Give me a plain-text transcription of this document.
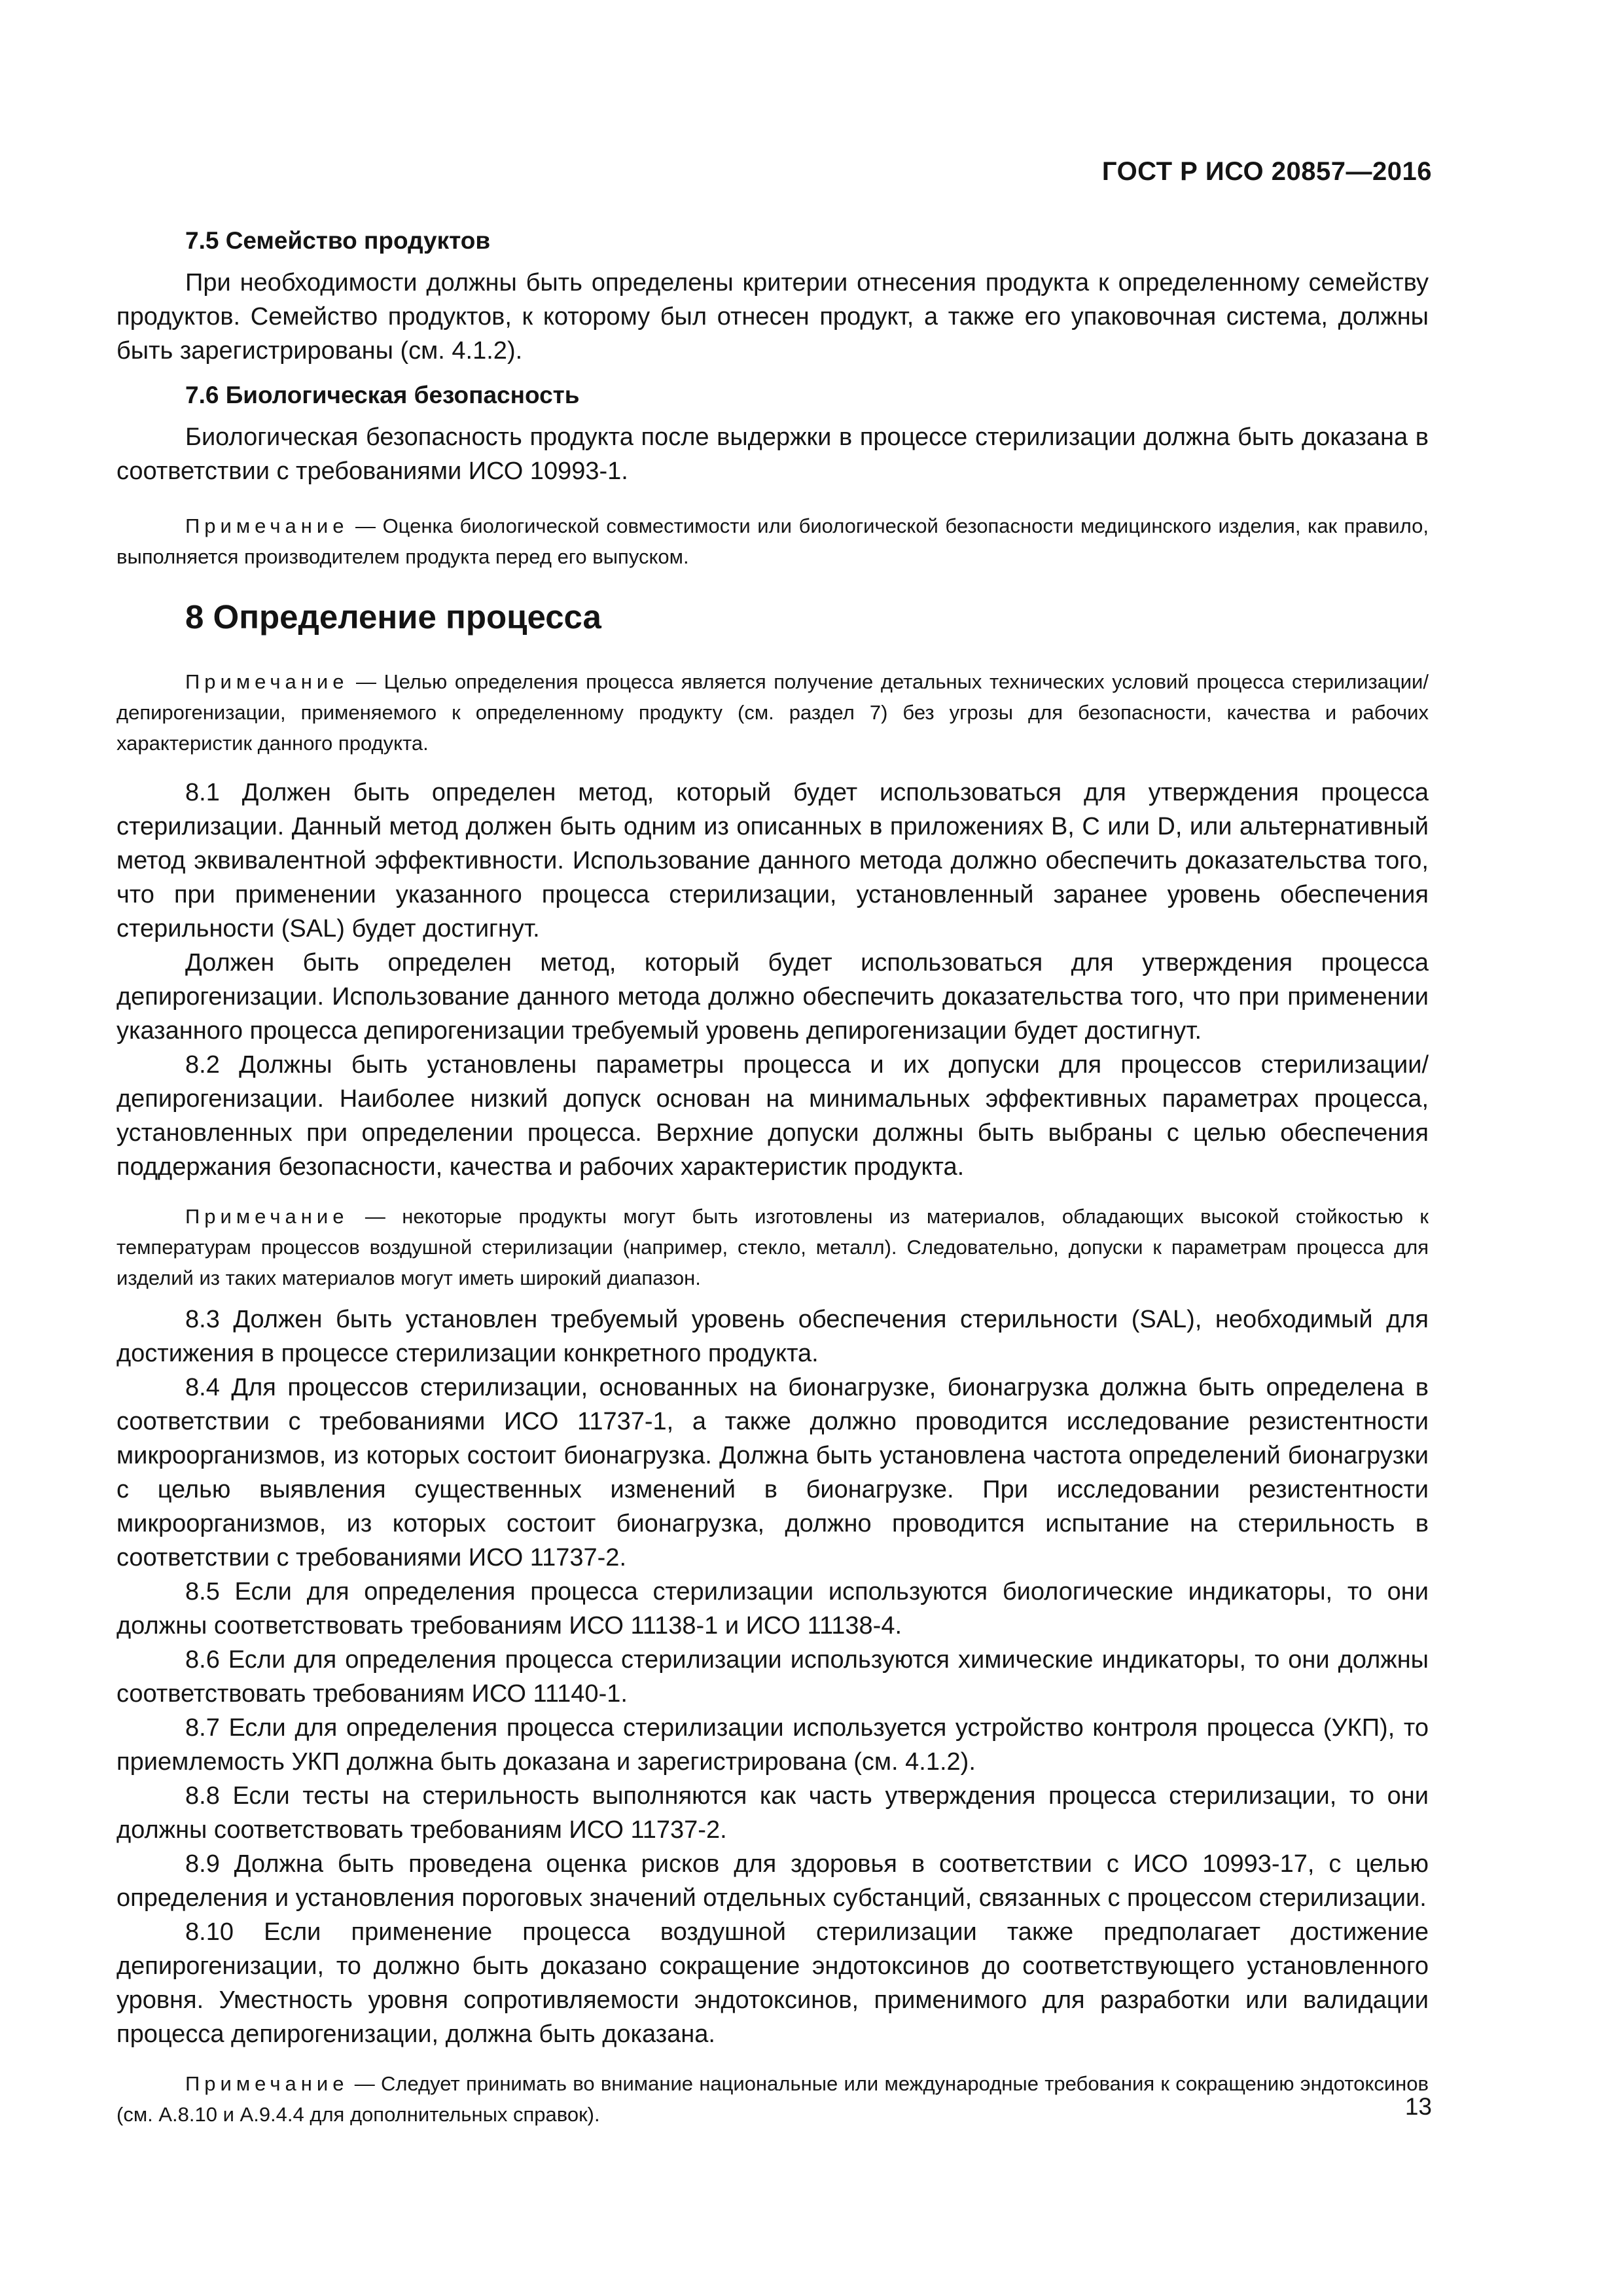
ГОСТ Р ИСО 20857—2016
7.5 Семейство продуктов

При необходимости должны быть определены критерии отнесения продукта к определенному семейству продуктов. Семейство продуктов, к которому был отнесен продукт, а также его упаковочная система, должны быть зарегистрированы (см. 4.1.2).

7.6 Биологическая безопасность

Биологическая безопасность продукта после выдержки в процессе стерилизации должна быть доказана в соответствии с требованиями ИСО 10993-1.

Примечание — Оценка биологической совместимости или биологической безопасности медицинского изделия, как правило, выполняется производителем продукта перед его выпуском.

8 Определение процесса

Примечание — Целью определения процесса является получение детальных технических условий процесса стерилизации/депирогенизации, применяемого к определенному продукту (см. раздел 7) без угрозы для безопасности, качества и рабочих характеристик данного продукта.

8.1 Должен быть определен метод, который будет использоваться для утверждения процесса стерилизации. Данный метод должен быть одним из описанных в приложениях В, С или D, или альтернативный метод эквивалентной эффективности. Использование данного метода должно обеспечить доказательства того, что при применении указанного процесса стерилизации, установленный заранее уровень обеспечения стерильности (SAL) будет достигнут.

Должен быть определен метод, который будет использоваться для утверждения процесса депирогенизации. Использование данного метода должно обеспечить доказательства того, что при применении указанного процесса депирогенизации требуемый уровень депирогенизации будет достигнут.

8.2 Должны быть установлены параметры процесса и их допуски для процессов стерилизации/ депирогенизации. Наиболее низкий допуск основан на минимальных эффективных параметрах процесса, установленных при определении процесса. Верхние допуски должны быть выбраны с целью обеспечения поддержания безопасности, качества и рабочих характеристик продукта.

Примечание — некоторые продукты могут быть изготовлены из материалов, обладающих высокой стойкостью к температурам процессов воздушной стерилизации (например, стекло, металл). Следовательно, допуски к параметрам процесса для изделий из таких материалов могут иметь широкий диапазон.

8.3 Должен быть установлен требуемый уровень обеспечения стерильности (SAL), необходимый для достижения в процессе стерилизации конкретного продукта.

8.4 Для процессов стерилизации, основанных на бионагрузке, бионагрузка должна быть определена в соответствии с требованиями ИСО 11737-1, а также должно проводится исследование резистентности микроорганизмов, из которых состоит бионагрузка. Должна быть установлена частота определений бионагрузки с целью выявления существенных изменений в бионагрузке. При исследовании резистентности микроорганизмов, из которых состоит бионагрузка, должно проводится испытание на стерильность в соответствии с требованиями ИСО 11737-2.

8.5 Если для определения процесса стерилизации используются биологические индикаторы, то они должны соответствовать требованиям ИСО 11138-1 и ИСО 11138-4.

8.6 Если для определения процесса стерилизации используются химические индикаторы, то они должны соответствовать требованиям ИСО 11140-1.

8.7 Если для определения процесса стерилизации используется устройство контроля процесса (УКП), то приемлемость УКП должна быть доказана и зарегистрирована (см. 4.1.2).

8.8 Если тесты на стерильность выполняются как часть утверждения процесса стерилизации, то они должны соответствовать требованиям ИСО 11737-2.

8.9 Должна быть проведена оценка рисков для здоровья в соответствии с ИСО 10993-17, с целью определения и установления пороговых значений отдельных субстанций, связанных с процессом стерилизации.

8.10 Если применение процесса воздушной стерилизации также предполагает достижение депирогенизации, то должно быть доказано сокращение эндотоксинов до соответствующего установленного уровня. Уместность уровня сопротивляемости эндотоксинов, применимого для разработки или валидации процесса депирогенизации, должна быть доказана.

Примечание — Следует принимать во внимание национальные или международные требования к сокращению эндотоксинов (см. А.8.10 и А.9.4.4 для дополнительных справок).	13
